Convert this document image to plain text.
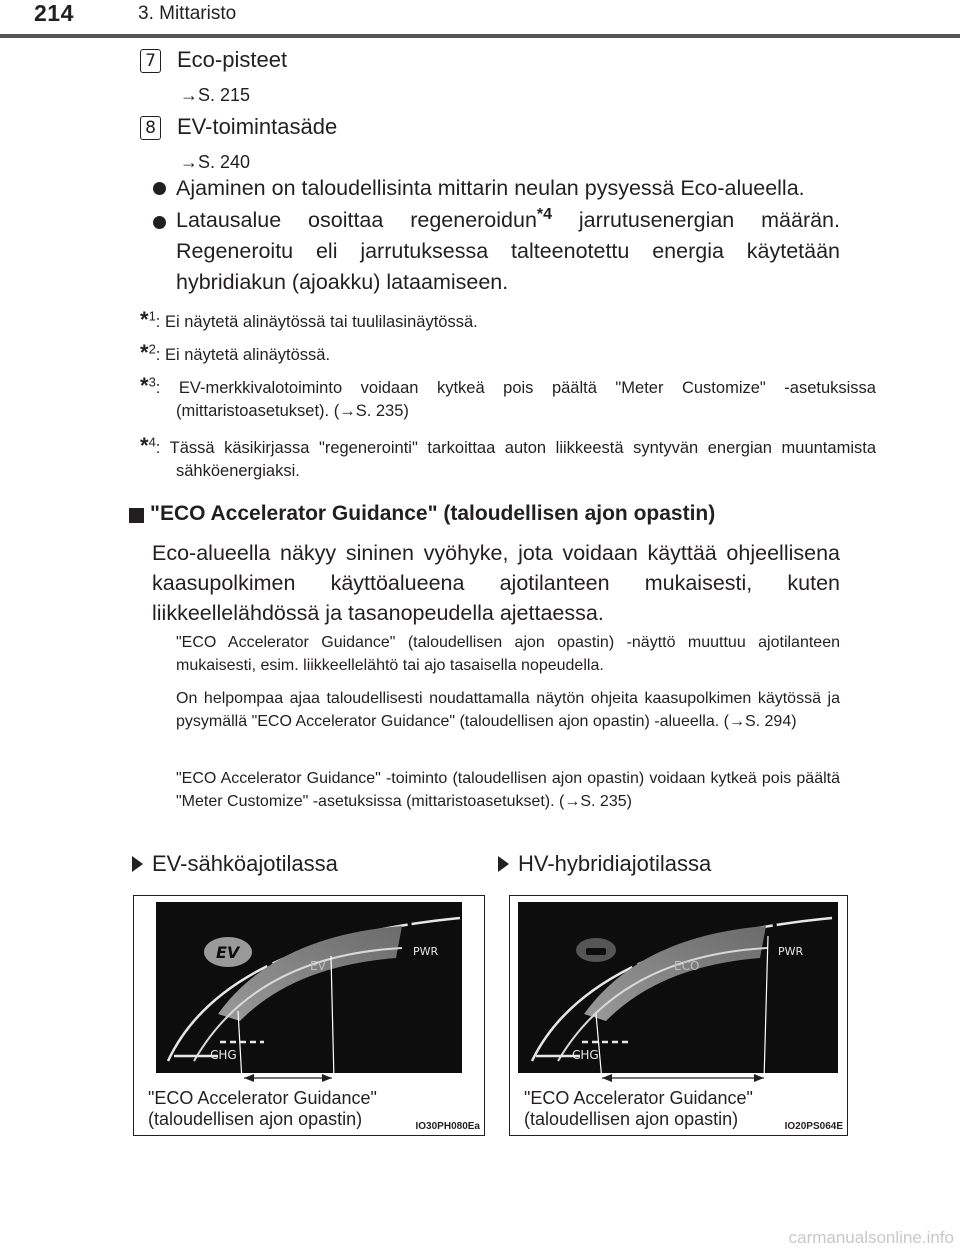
214	3. Mittaristo
7 Eco-pisteet
→S. 215
8 EV-toimintasäde
→S. 240
Ajaminen on taloudellisinta mittarin neulan pysyessä Eco-alueella.
Latausalue osoittaa regeneroidun$^{*4}$ jarrutusenergian määrän. Regeneroitu eli jarrutuksessa talteenotettu energia käytetään hybridiakun (ajoakku) lataamiseen.
*$^1$: Ei näytetä alinäytössä tai tuulilasinäytössä.
*$^2$: Ei näytetä alinäytössä.
*$^3$: EV-merkkivalotoiminto voidaan kytkeä pois päältä "Meter Customize" -asetuksissa (mittaristoasetukset). (→S. 235)
*$^4$: Tässä käsikirjassa "regenerointi" tarkoittaa auton liikkeestä syntyvän energian muuntamista sähköenergiaksi.
"ECO Accelerator Guidance" (taloudellisen ajon opastin)
Eco-alueella näkyy sininen vyöhyke, jota voidaan käyttää ohjeellisena kaasupolkimen käyttöalueena ajotilanteen mukaisesti, kuten liikkeellelähdössä ja tasanopeudella ajettaessa.
"ECO Accelerator Guidance" (taloudellisen ajon opastin) -näyttö muuttuu ajotilanteen mukaisesti, esim. liikkeellelähtö tai ajo tasaisella nopeudella.
On helpompaa ajaa taloudellisesti noudattamalla näytön ohjeita kaasupolkimen käytössä ja pysymällä "ECO Accelerator Guidance" (taloudellisen ajon opastin) -alueella. (→S. 294)
"ECO Accelerator Guidance" -toiminto (taloudellisen ajon opastin) voidaan kytkeä pois päältä "Meter Customize" -asetuksissa (mittaristoasetukset). (→S. 235)
EV-sähköajotilassa	HV-hybridiajotilassa
EV
EV
PWR
CHG
"ECO Accelerator Guidance"
(taloudellisen ajon opastin)	IO30PH080Ea
ECO
PWR
CHG
"ECO Accelerator Guidance"
(taloudellisen ajon opastin)	IO20PS064E
carmanualsonline.info
